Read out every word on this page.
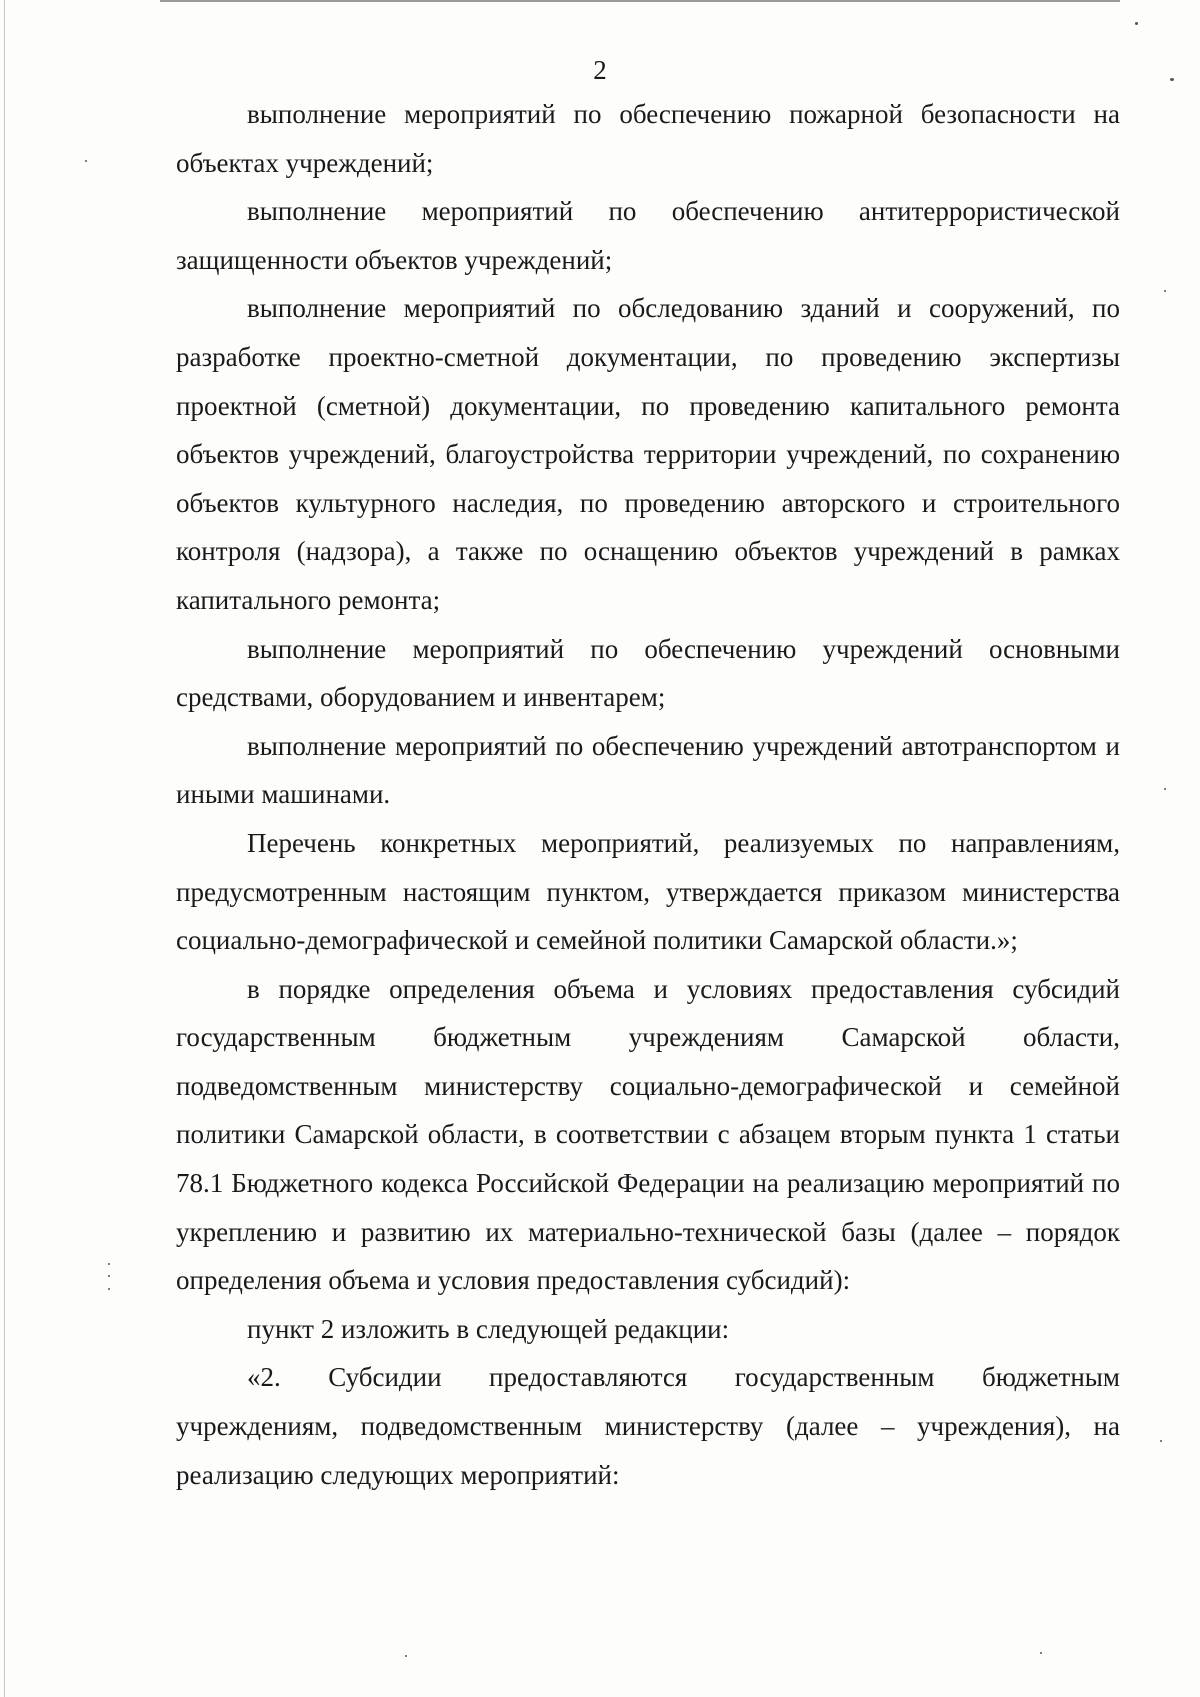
2

выполнение мероприятий по обеспечению пожарной безопасности на объектах учреждений;

выполнение мероприятий по обеспечению антитеррористической защищенности объектов учреждений;

выполнение мероприятий по обследованию зданий и сооружений, по разработке проектно-сметной документации, по проведению экспертизы проектной (сметной) документации, по проведению капитального ремонта объектов учреждений, благоустройства территории учреждений, по сохранению объектов культурного наследия, по проведению авторского и строительного контроля (надзора), а также по оснащению объектов учреждений в рамках капитального ремонта;

выполнение мероприятий по обеспечению учреждений основными средствами, оборудованием и инвентарем;

выполнение мероприятий по обеспечению учреждений автотранспортом и иными машинами.

Перечень конкретных мероприятий, реализуемых по направлениям, предусмотренным настоящим пунктом, утверждается приказом министерства социально-демографической и семейной политики Самарской области.»;

в порядке определения объема и условиях предоставления субсидий государственным бюджетным учреждениям Самарской области, подведомственным министерству социально-демографической и семейной политики Самарской области, в соответствии с абзацем вторым пункта 1 статьи 78.1 Бюджетного кодекса Российской Федерации на реализацию мероприятий по укреплению и развитию их материально-технической базы (далее – порядок определения объема и условия предоставления субсидий):

пункт 2 изложить в следующей редакции:

«2. Субсидии предоставляются государственным бюджетным учреждениям, подведомственным министерству (далее – учреждения), на реализацию следующих мероприятий:
